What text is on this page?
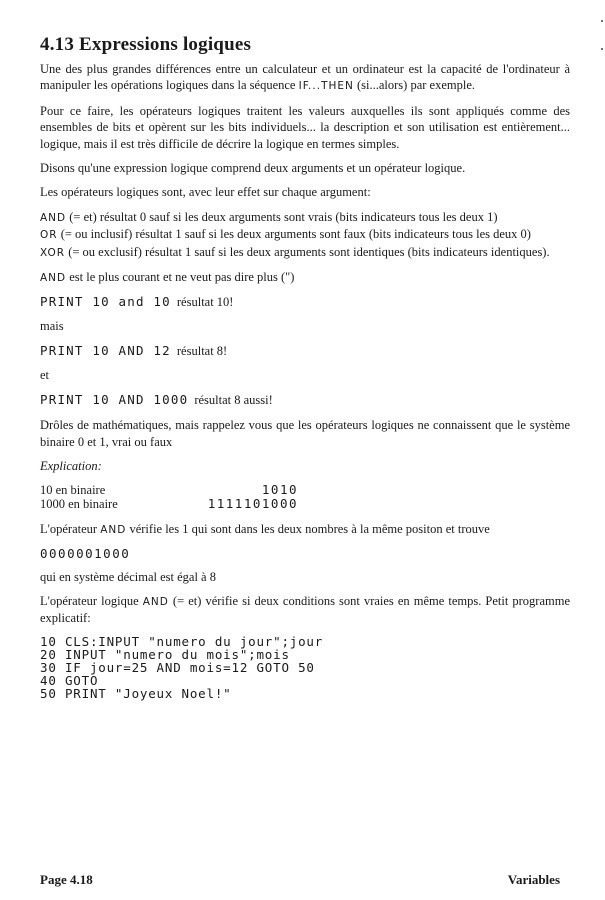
4.13 Expressions logiques

Une des plus grandes différences entre un calculateur et un ordinateur est la capacité de l'ordinateur à manipuler les opérations logiques dans la séquence IF...THEN (si...alors) par exemple.

Pour ce faire, les opérateurs logiques traitent les valeurs auxquelles ils sont appliqués comme des ensembles de bits et opèrent sur les bits individuels... la description et son utilisation est entièrement... logique, mais il est très difficile de décrire la logique en termes simples.

Disons qu'une expression logique comprend deux arguments et un opérateur logique.

Les opérateurs logiques sont, avec leur effet sur chaque argument:

AND (= et) résultat 0 sauf si les deux arguments sont vrais (bits indicateurs tous les deux 1)

OR (= ou inclusif) résultat 1 sauf si les deux arguments sont faux (bits indicateurs tous les deux 0)

XOR (= ou exclusif) résultat 1 sauf si les deux arguments sont identiques (bits indicateurs identiques).

AND est le plus courant et ne veut pas dire plus (")

PRINT 10 and 10 résultat 10!

mais

PRINT 10 AND 12 résultat 8!

et

PRINT 10 AND 1000 résultat 8 aussi!

Drôles de mathématiques, mais rappelez vous que les opérateurs logiques ne connaissent que le système binaire 0 et 1, vrai ou faux

Explication:

10 en binaire	1010
1000 en binaire	1111101000

L'opérateur AND vérifie les 1 qui sont dans les deux nombres à la même positon et trouve

0000001000

qui en système décimal est égal à 8

L'opérateur logique AND (= et) vérifie si deux conditions sont vraies en même temps. Petit programme explicatif:

10 CLS:INPUT "numero du jour";jour
20 INPUT "numero du mois";mois
30 IF jour=25 AND mois=12 GOTO 50
40 GOTO
50 PRINT "Joyeux Noel!"
Page 4.18	Variables
